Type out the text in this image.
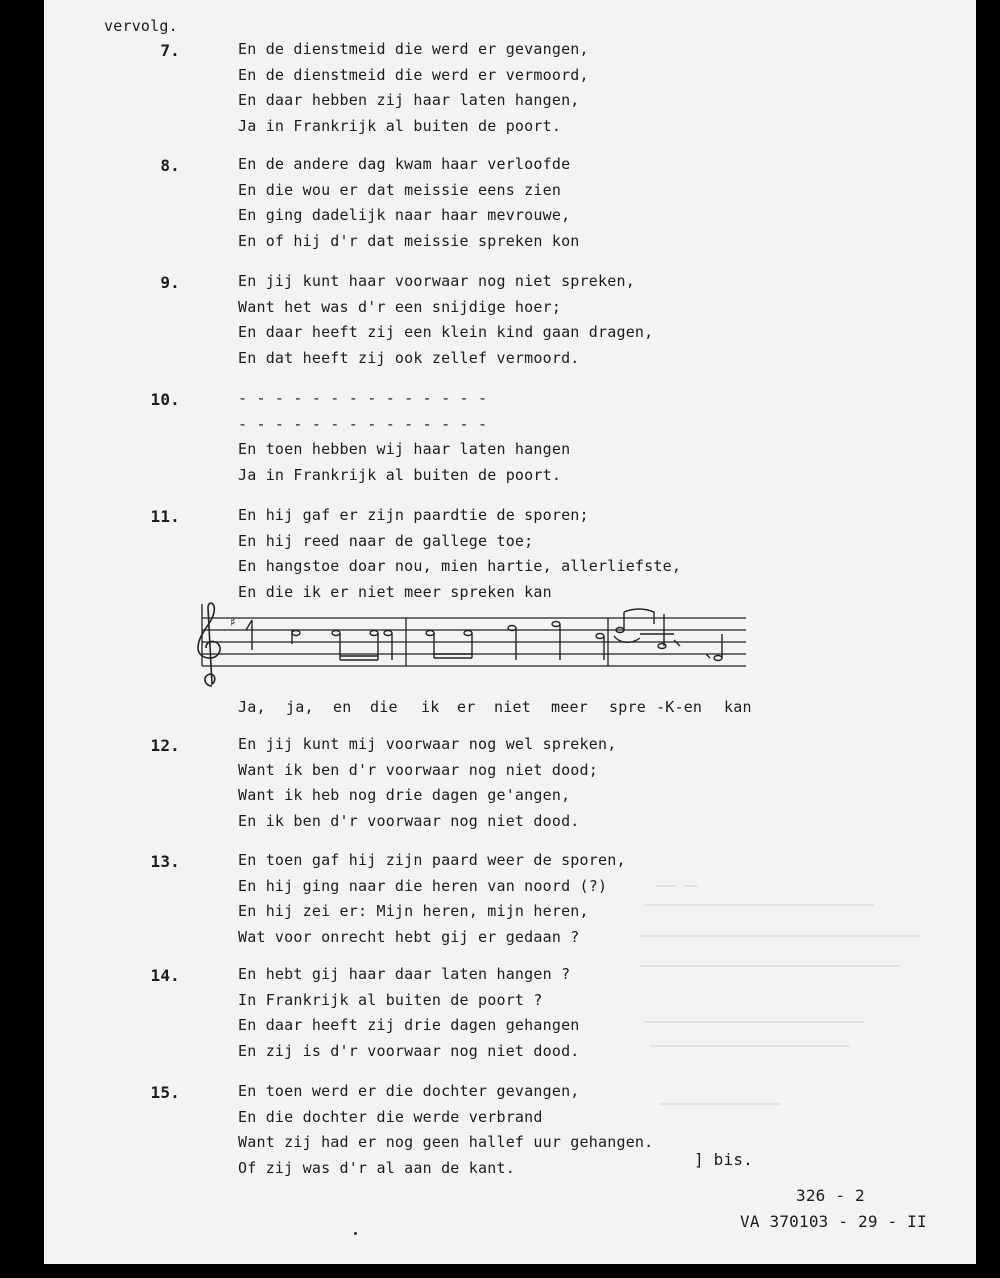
vervolg.
7.	En de dienstmeid die werd er gevangen,
En de dienstmeid die werd er vermoord,
En daar hebben zij haar laten hangen,
Ja in Frankrijk al buiten de poort.
8.	En de andere dag kwam haar verloofde
En die wou er dat meissie eens zien
En ging dadelijk naar haar mevrouwe,
En of hij d'r dat meissie spreken kon
9.	En jij kunt haar voorwaar nog niet spreken,
Want het was d'r een snijdige hoer;
En daar heeft zij een klein kind gaan dragen,
En dat heeft zij ook zellef vermoord.
10.	- - - - - - - - - - - - - -
- - - - - - - - - - - - - -
En toen hebben wij haar laten hangen
Ja in Frankrijk al buiten de poort.
11.	En hij gaf er zijn paardtie de sporen;
En hij reed naar de gallege toe;
En hangstoe doar nou, mien hartie, allerliefste,
En die ik er niet meer spreken kan
12.	En jij kunt mij voorwaar nog wel spreken,
Want ik ben d'r voorwaar nog niet dood;
Want ik heb nog drie dagen ge'angen,
En ik ben d'r voorwaar nog niet dood.
13.	En toen gaf hij zijn paard weer de sporen,
En hij ging naar die heren van noord (?)
En hij zei er: Mijn heren, mijn heren,
Wat voor onrecht hebt gij er gedaan ?
14.	En hebt gij haar daar laten hangen ?
In Frankrijk al buiten de poort ?
En daar heeft zij drie dagen gehangen
En zij is d'r voorwaar nog niet dood.
15.	En toen werd er die dochter gevangen,
En die dochter die werde verbrand
Want zij had er nog geen hallef uur gehangen.
Of zij was d'r al aan de kant.
♯
Ja, ja, en die ik er niet meer spre -K-en kan
] bis.
326 - 2
VA 370103 - 29 - II
